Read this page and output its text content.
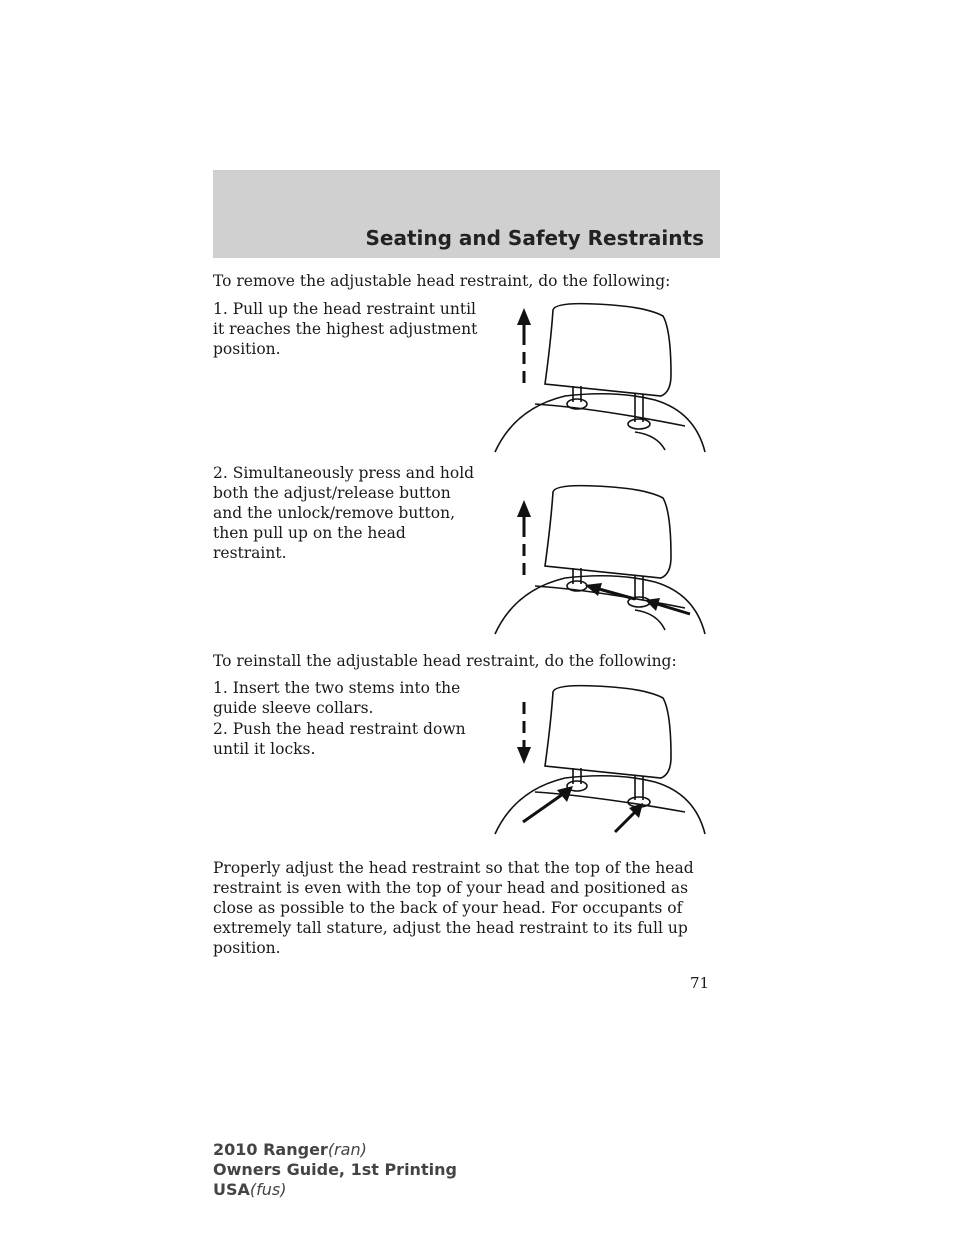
Seating and Safety Restraints

To remove the adjustable head restraint, do the following:

1. Pull up the head restraint until it reaches the highest adjustment position.

2. Simultaneously press and hold both the adjust/release button and the unlock/remove button, then pull up on the head restraint.

To reinstall the adjustable head restraint, do the following:

1. Insert the two stems into the guide sleeve collars.

2. Push the head restraint down until it locks.

Properly adjust the head restraint so that the top of the head restraint is even with the top of your head and positioned as close as possible to the back of your head. For occupants of extremely tall stature, adjust the head restraint to its full up position.

71
2010 Ranger(ran)
Owners Guide, 1st Printing
USA(fus)
